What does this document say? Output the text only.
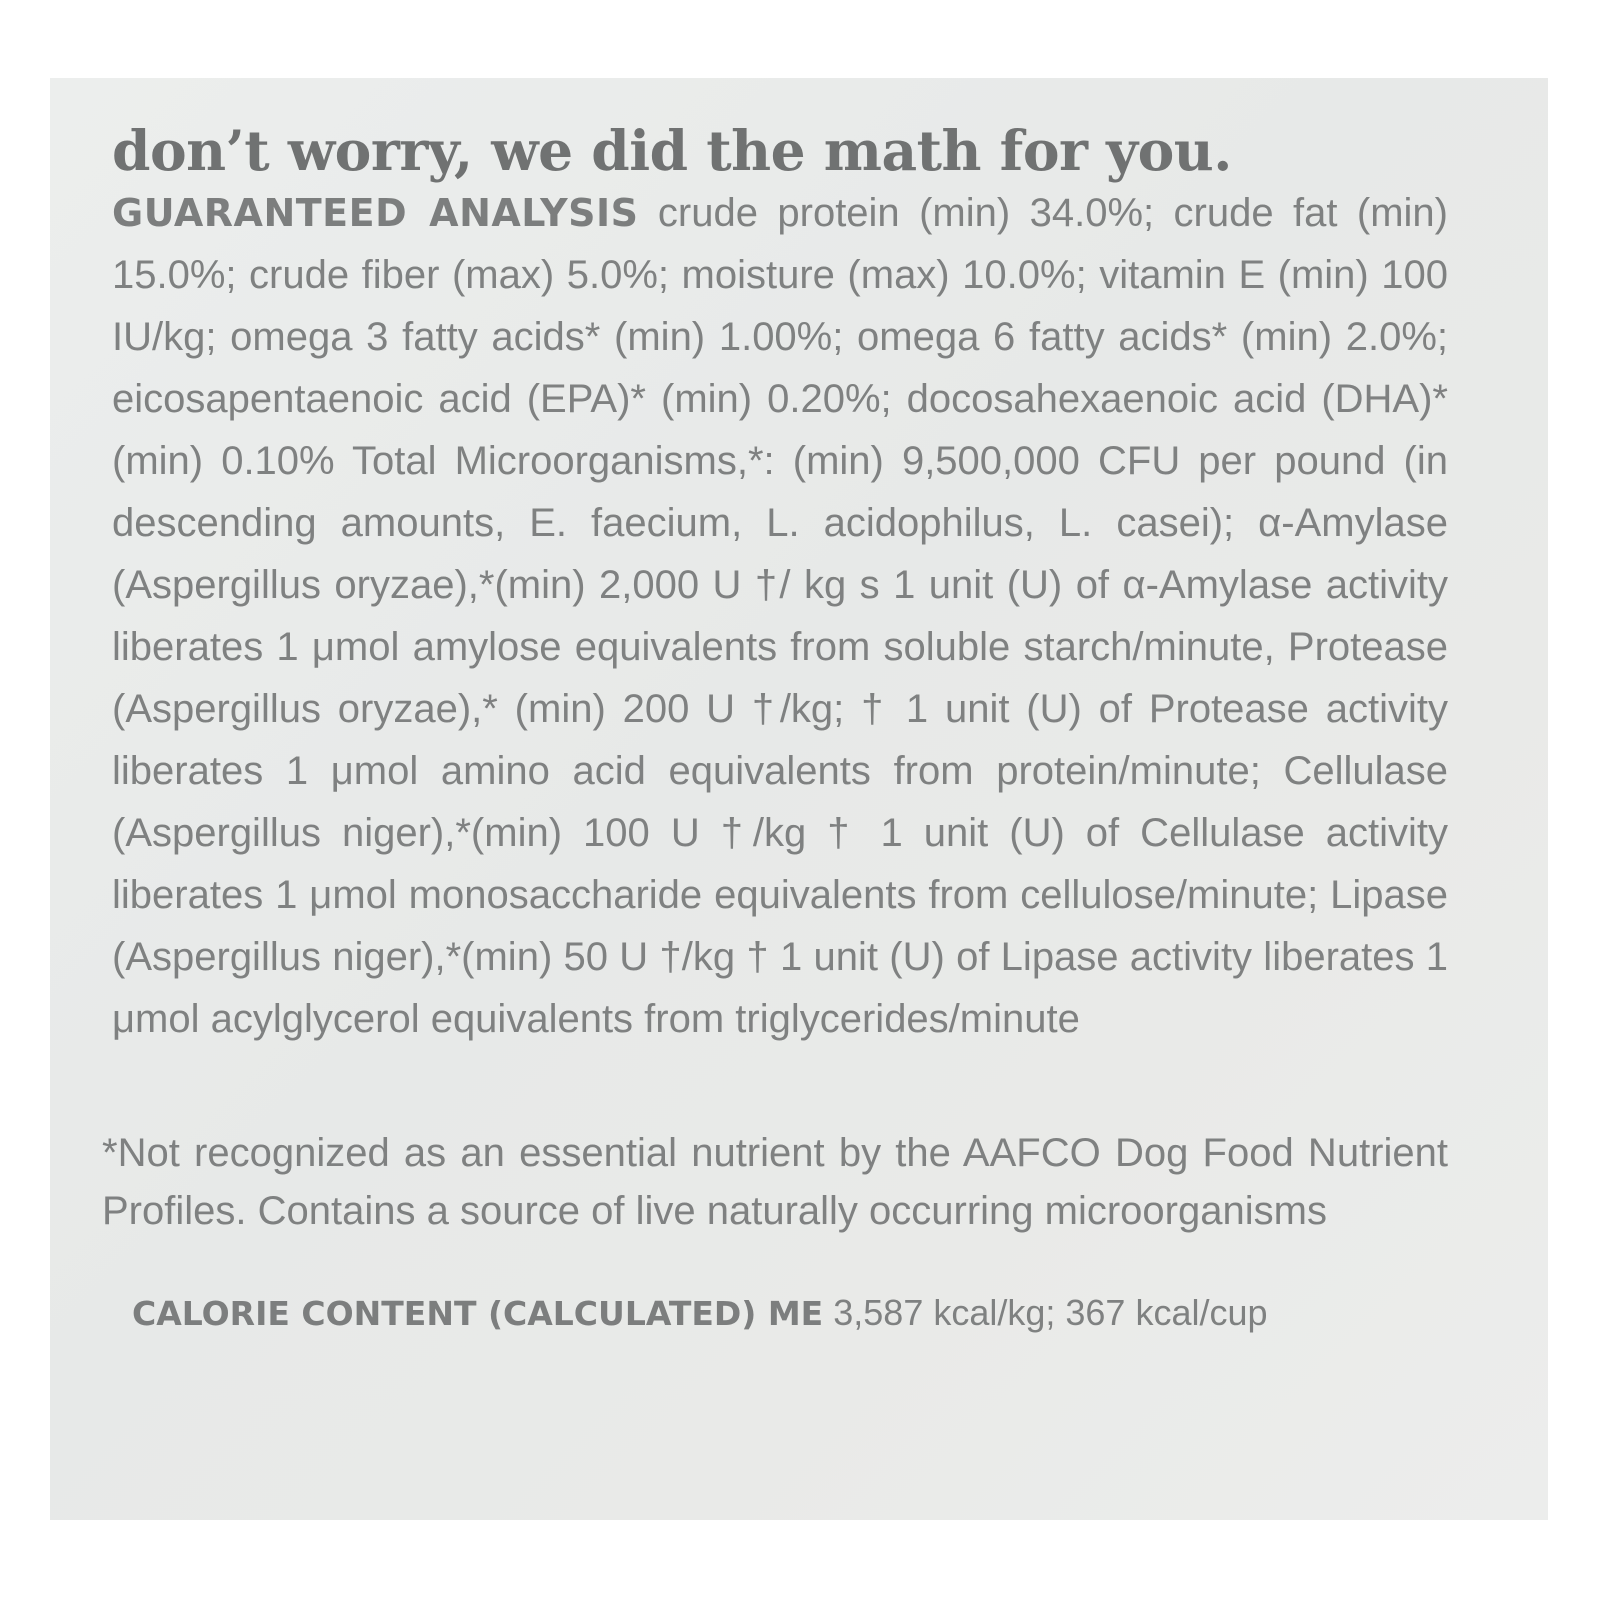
don’t worry, we did the math for you.

GUARANTEED ANALYSIS crude protein (min) 34.0%; crude fat (min) 15.0%; crude fiber (max) 5.0%; moisture (max) 10.0%; vitamin E (min) 100 IU/kg; omega 3 fatty acids* (min) 1.00%; omega 6 fatty acids* (min) 2.0%; eicosapentaenoic acid (EPA)* (min) 0.20%; docosahexaenoic acid (DHA)* (min) 0.10% Total Microorganisms,*: (min) 9,500,000 CFU per pound (in descending amounts, E. faecium, L. acidophilus, L. casei); α-Amylase (Aspergillus oryzae),*(min) 2,000 U †/ kg s 1 unit (U) of α-Amylase activity liberates 1 μmol amylose equivalents from soluble starch/minute, Protease (Aspergillus oryzae),* (min) 200 U †/kg; † 1 unit (U) of Protease activity liberates 1 μmol amino acid equivalents from protein/minute; Cellulase (Aspergillus niger),*(min) 100 U †/kg † 1 unit (U) of Cellulase activity liberates 1 μmol monosaccharide equivalents from cellulose/minute; Lipase (Aspergillus niger),*(min) 50 U †/kg † 1 unit (U) of Lipase activity liberates 1 μmol acylglycerol equivalents from triglycerides/minute

*Not recognized as an essential nutrient by the AAFCO Dog Food Nutrient Profiles. Contains a source of live naturally occurring microorganisms

CALORIE CONTENT (CALCULATED) ME 3,587 kcal/kg; 367 kcal/cup
